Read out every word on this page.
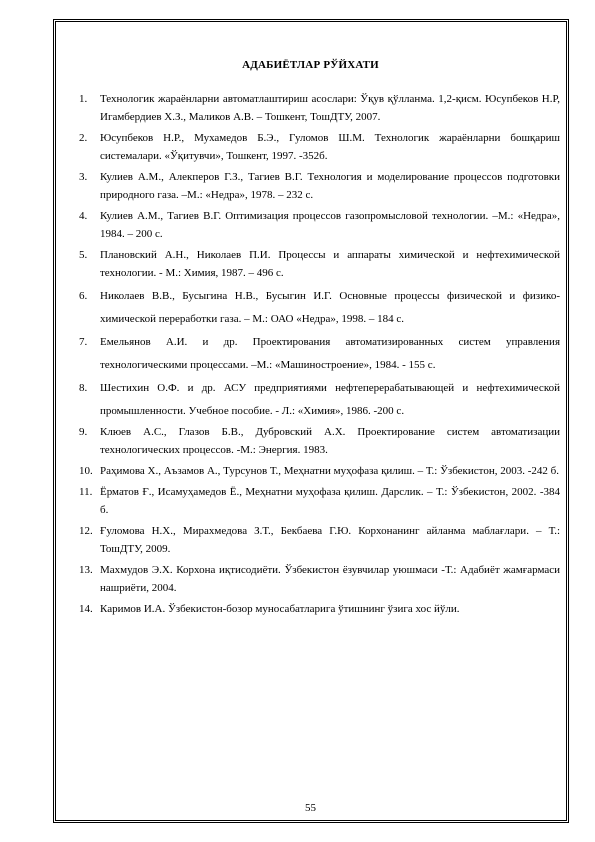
АДАБИЁТЛАР РЎЙХАТИ
1.	Технологик жараёнларни автоматлаштириш асослари: Ўқув қўлланма. 1,2-қисм. Юсупбеков Н.Р, Игамбердиев Х.З., Маликов А.В. – Тошкент, ТошДТУ, 2007.
2.	Юсупбеков Н.Р., Мухамедов Б.Э., Гуломов Ш.М. Технологик жараёнларни бошқариш системалари. «Ўқитувчи», Тошкент, 1997. -352б.
3.	Кулиев А.М., Алекперов Г.З., Тагиев В.Г. Технология и моделирование процессов подготовки природного газа. –М.: «Недра», 1978. – 232 с.
4.	Кулиев А.М., Тагиев В.Г. Оптимизация процессов газопромысловой технологии. –М.: «Недра», 1984. – 200 с.
5.	Плановский А.Н., Николаев П.И. Процессы и аппараты химической и нефтехимической технологии. - М.: Химия, 1987. – 496 с.
6.	Николаев В.В., Бусыгина Н.В., Бусыгин И.Г. Основные процессы физической и физико-химической переработки газа. – М.: ОАО «Недра», 1998. – 184 с.
7.	Емельянов А.И. и др. Проектирования автоматизированных систем управления технологическими процессами. –М.: «Машиностроение», 1984. - 155 с.
8.	Шестихин О.Ф. и др. АСУ предприятиями нефтеперерабатывающей и нефтехимической промышленности. Учебное пособие. - Л.: «Химия», 1986. -200 с.
9.	Клюев А.С., Глазов Б.В., Дубровский А.Х. Проектирование систем автоматизации технологических процессов. -М.: Энергия. 1983.
10. Раҳимова Х., Аъзамов А., Турсунов Т., Меҳнатни муҳофаза қилиш. – Т.: Ўзбекистон, 2003. -242 б.
11. Ёрматов Ғ., Исамуҳамедов Ё., Меҳнатни муҳофаза қилиш. Дарслик. – Т.: Ўзбекистон, 2002. -384 б.
12. Ғуломова Н.Х., Мирахмедова З.Т., Бекбаева Г.Ю. Корхонанинг айланма маблағлари. – Т.: ТошДТУ, 2009.
13. Махмудов Э.Х. Корхона иқтисодиёти. Ўзбекистон ёзувчилар уюшмаси -Т.: Адабиёт жамғармаси нашриёти, 2004.
14. Каримов И.А. Ўзбекистон-бозор муносабатларига ўтишнинг ўзига хос йўли.
55
